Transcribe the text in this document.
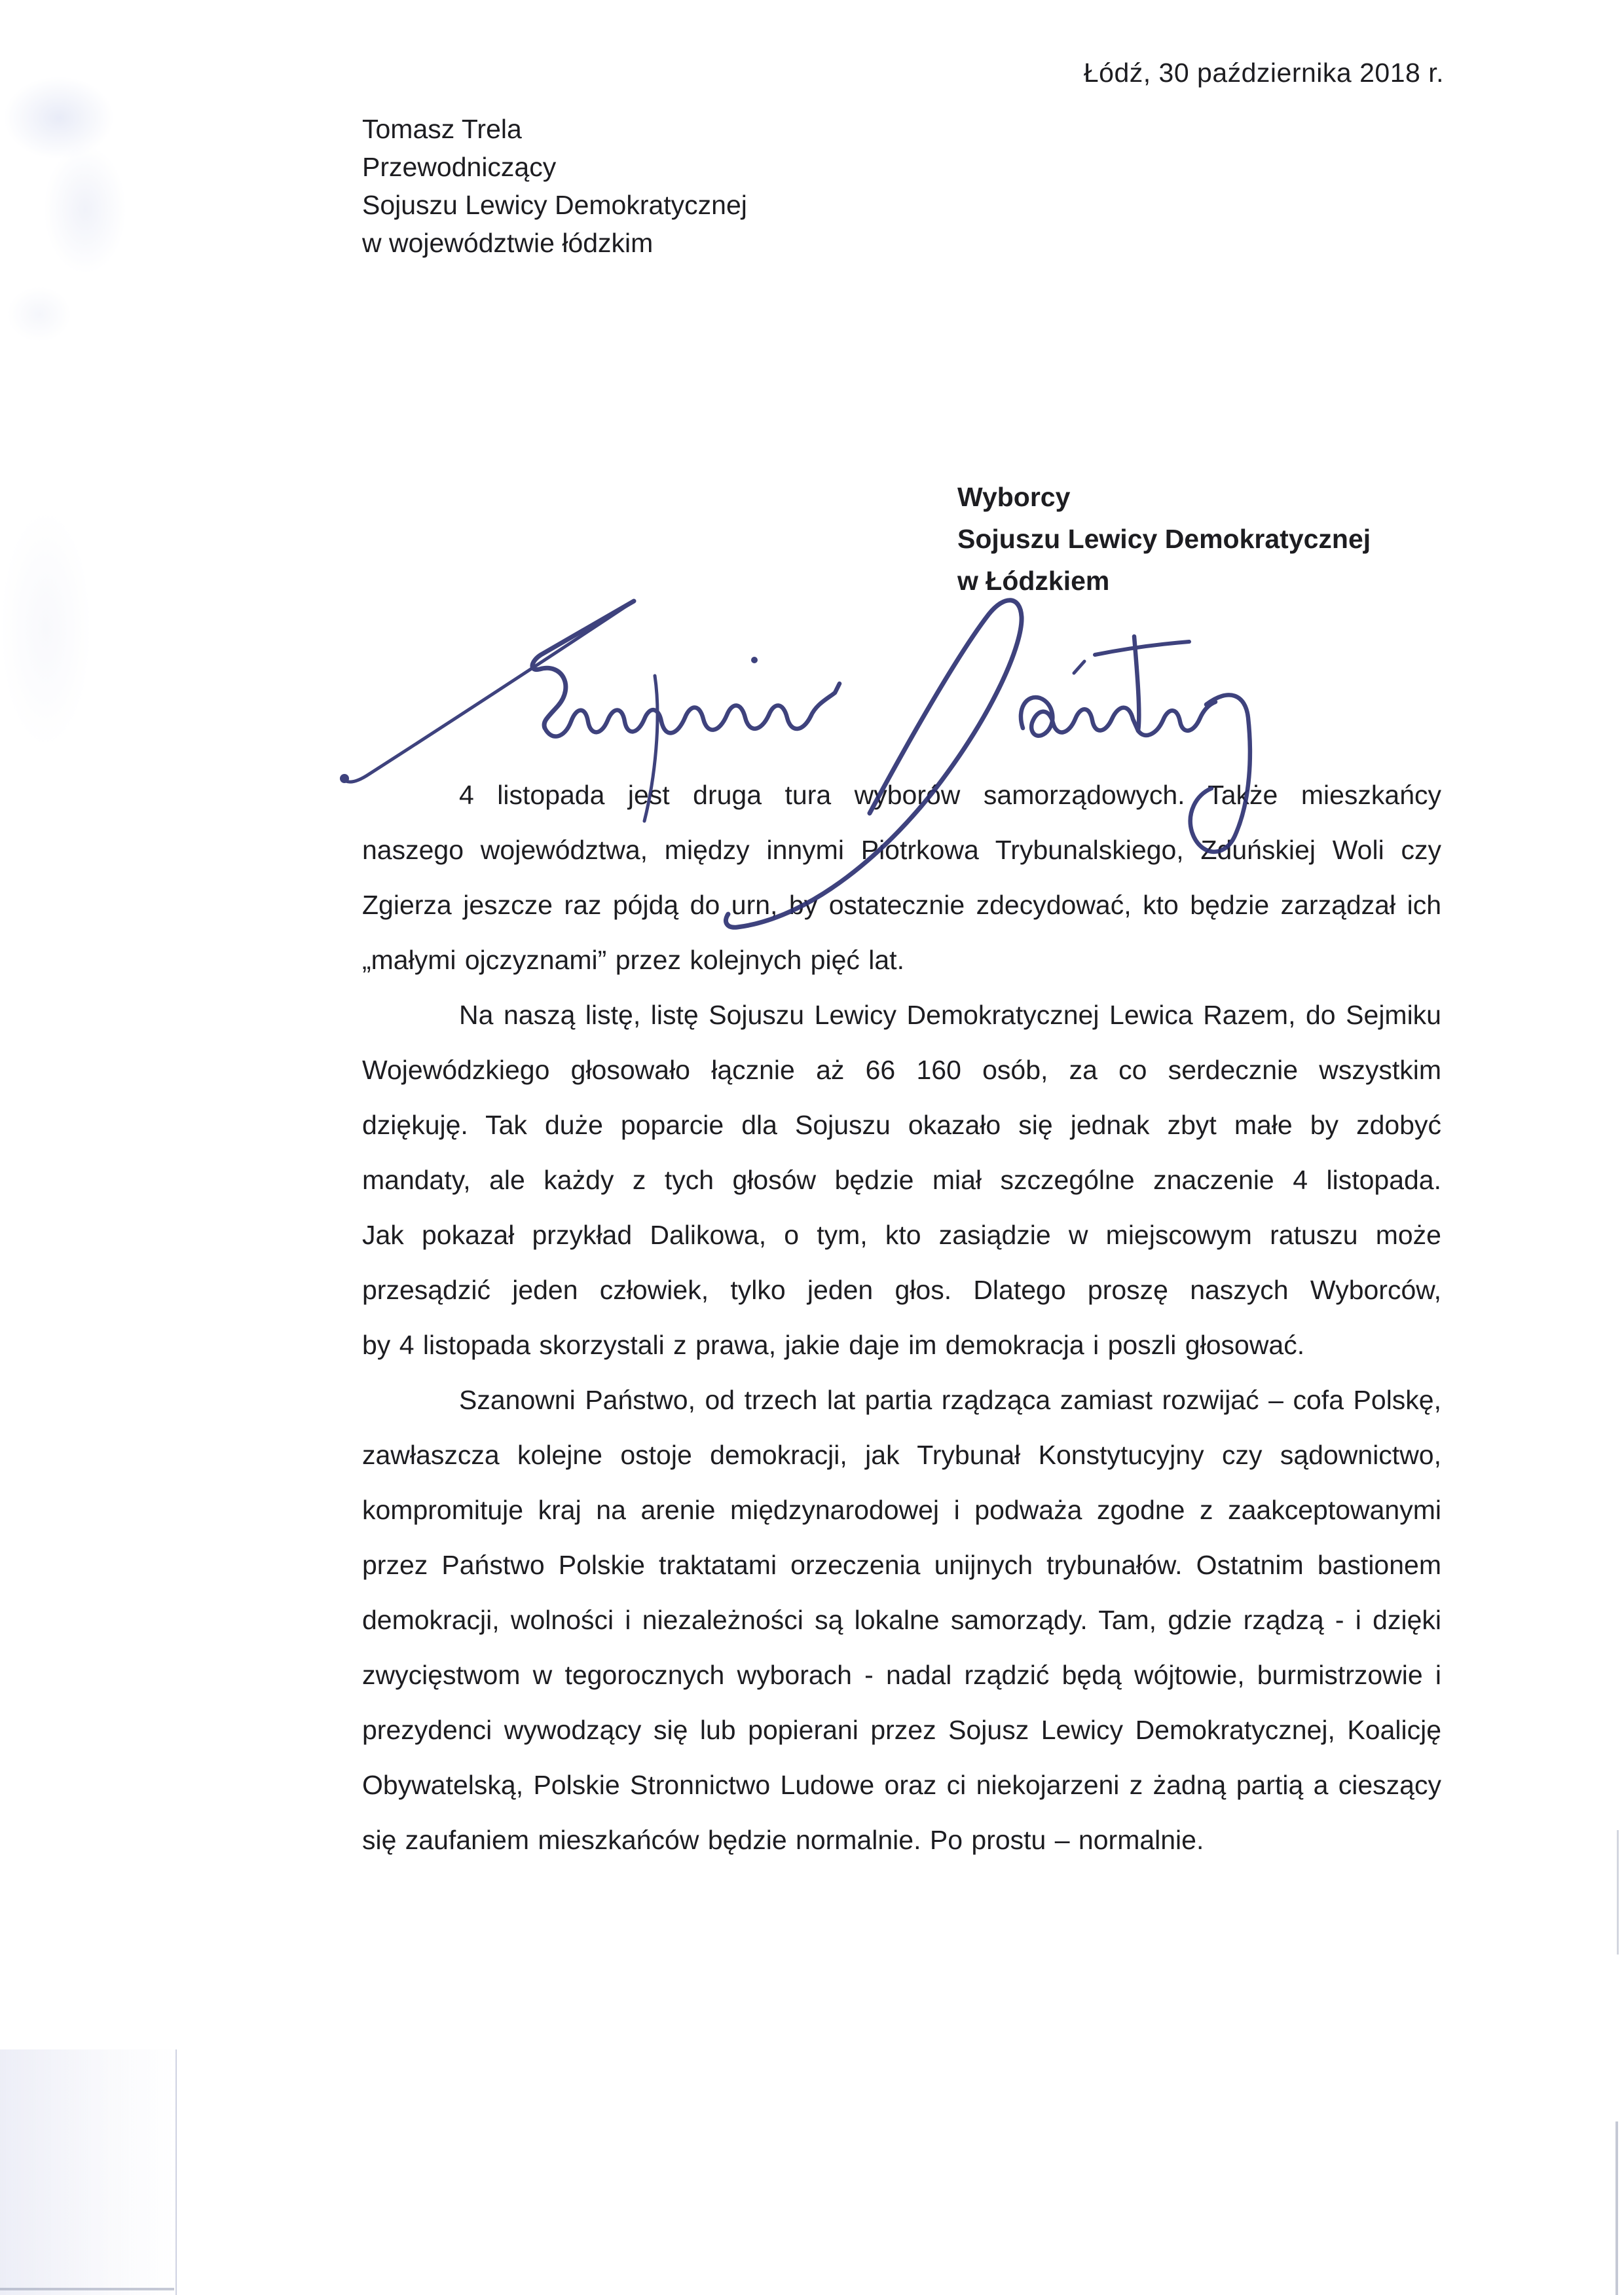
Łódź, 30 października 2018 r.
Tomasz Trela
Przewodniczący
Sojuszu Lewicy Demokratycznej
w województwie łódzkim
Wyborcy
Sojuszu Lewicy Demokratycznej
w Łódzkiem
4 listopada jest druga tura wyborów samorządowych. Także mieszkańcy
naszego województwa, między innymi Piotrkowa Trybunalskiego, Zduńskiej Woli czy
Zgierza jeszcze raz pójdą do urn, by ostatecznie zdecydować, kto będzie zarządzał ich
„małymi ojczyznami” przez kolejnych pięć lat.
Na naszą listę, listę Sojuszu Lewicy Demokratycznej Lewica Razem, do Sejmiku
Wojewódzkiego głosowało łącznie aż 66 160 osób, za co serdecznie wszystkim
dziękuję. Tak duże poparcie dla Sojuszu okazało się jednak zbyt małe by zdobyć
mandaty, ale każdy z tych głosów będzie miał szczególne znaczenie 4 listopada.
Jak pokazał przykład Dalikowa, o tym, kto zasiądzie w miejscowym ratuszu może
przesądzić jeden człowiek, tylko jeden głos. Dlatego proszę naszych Wyborców,
by 4 listopada skorzystali z prawa, jakie daje im demokracja i poszli głosować.
Szanowni Państwo, od trzech lat partia rządząca zamiast rozwijać – cofa Polskę,
zawłaszcza kolejne ostoje demokracji, jak Trybunał Konstytucyjny czy sądownictwo,
kompromituje kraj na arenie międzynarodowej i podważa zgodne z zaakceptowanymi
przez Państwo Polskie traktatami orzeczenia unijnych trybunałów. Ostatnim bastionem
demokracji, wolności i niezależności są lokalne samorządy. Tam, gdzie rządzą - i dzięki
zwycięstwom w tegorocznych wyborach - nadal rządzić będą wójtowie, burmistrzowie i
prezydenci wywodzący się lub popierani przez Sojusz Lewicy Demokratycznej, Koalicję
Obywatelską, Polskie Stronnictwo Ludowe oraz ci niekojarzeni z żadną partią a cieszący
się zaufaniem mieszkańców będzie normalnie. Po prostu – normalnie.
